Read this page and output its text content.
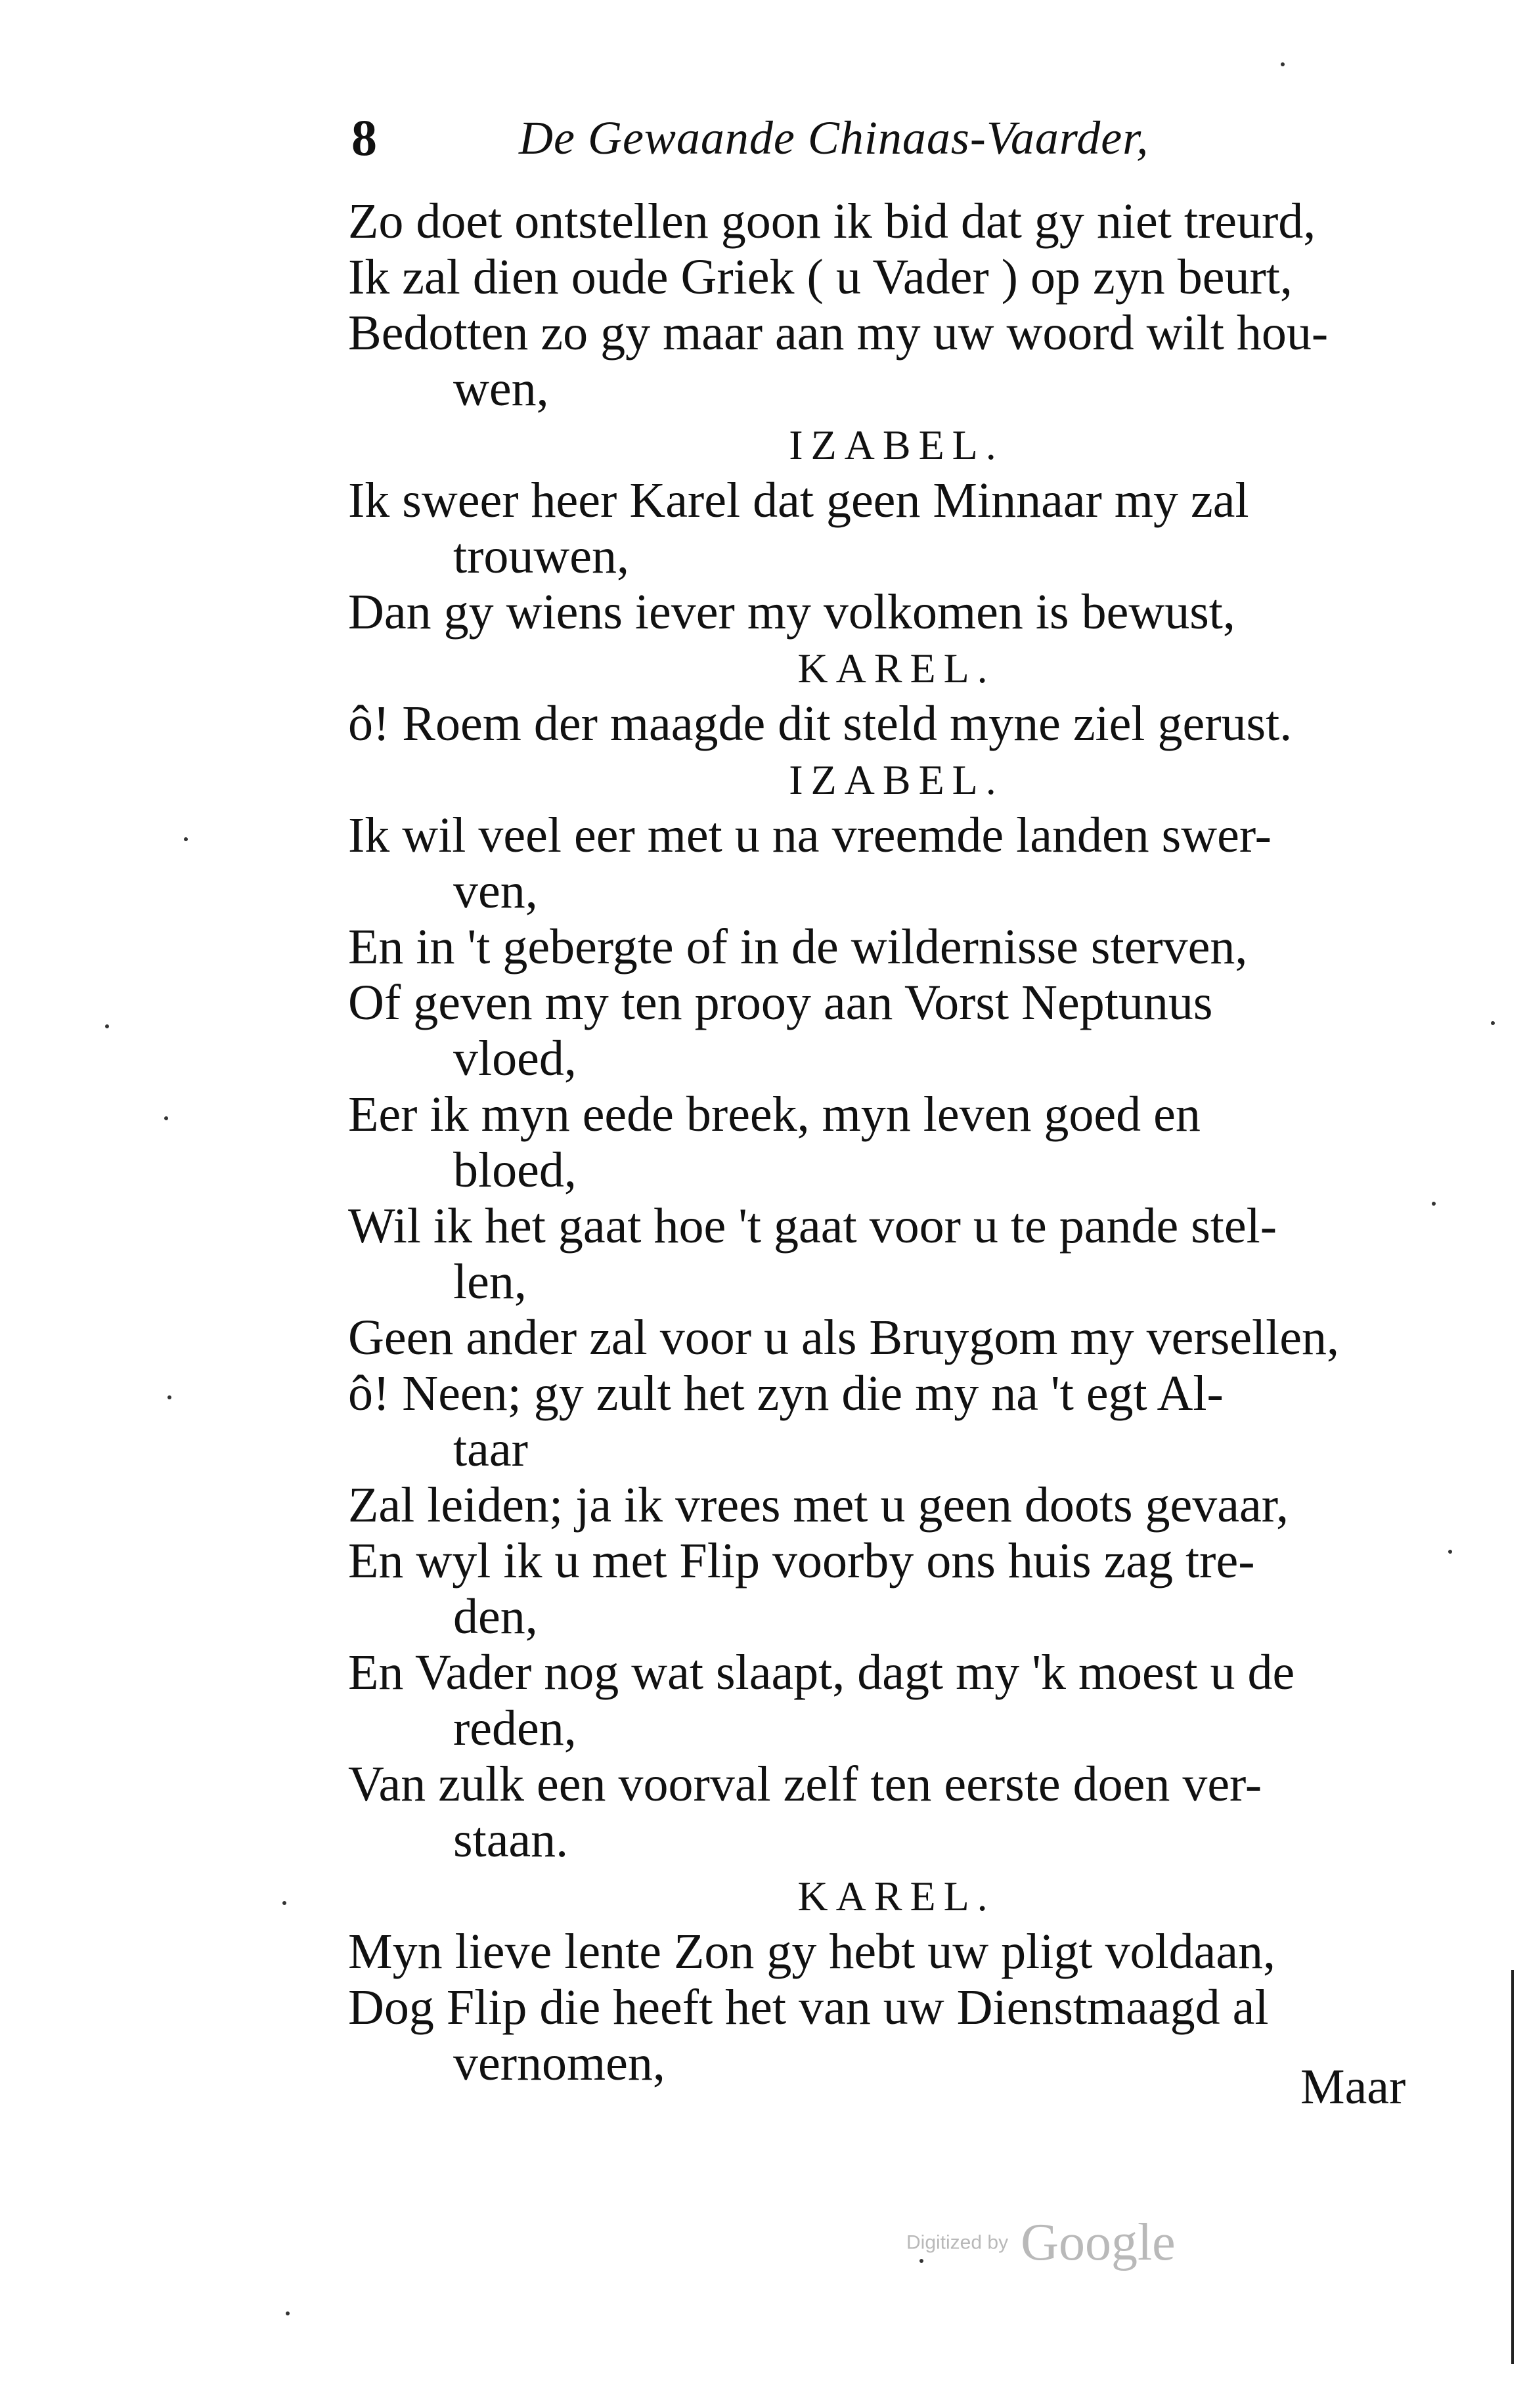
8	De Gewaande Chinaas-Vaarder,
Zo doet ontstellen goon ik bid dat gy niet treurd,
Ik zal dien oude Griek ( u Vader ) op zyn beurt,
Bedotten zo gy maar aan my uw woord wilt hou-
wen,
IZABEL.
Ik sweer heer Karel dat geen Minnaar my zal
trouwen,
Dan gy wiens iever my volkomen is bewust,
KAREL.
ô! Roem der maagde dit steld myne ziel gerust.
IZABEL.
Ik wil veel eer met u na vreemde landen swer-
ven,
En in 't gebergte of in de wildernisse sterven,
Of geven my ten prooy aan Vorst Neptunus
vloed,
Eer ik myn eede breek, myn leven goed en
bloed,
Wil ik het gaat hoe 't gaat voor u te pande stel-
len,
Geen ander zal voor u als Bruygom my versellen,
ô! Neen; gy zult het zyn die my na 't egt Al-
taar
Zal leiden; ja ik vrees met u geen doots gevaar,
En wyl ik u met Flip voorby ons huis zag tre-
den,
En Vader nog wat slaapt, dagt my 'k moest u de
reden,
Van zulk een voorval zelf ten eerste doen ver-
staan.
KAREL.
Myn lieve lente Zon gy hebt uw pligt voldaan,
Dog Flip die heeft het van uw Dienstmaagd al
vernomen,	Maar
Digitized by Google
